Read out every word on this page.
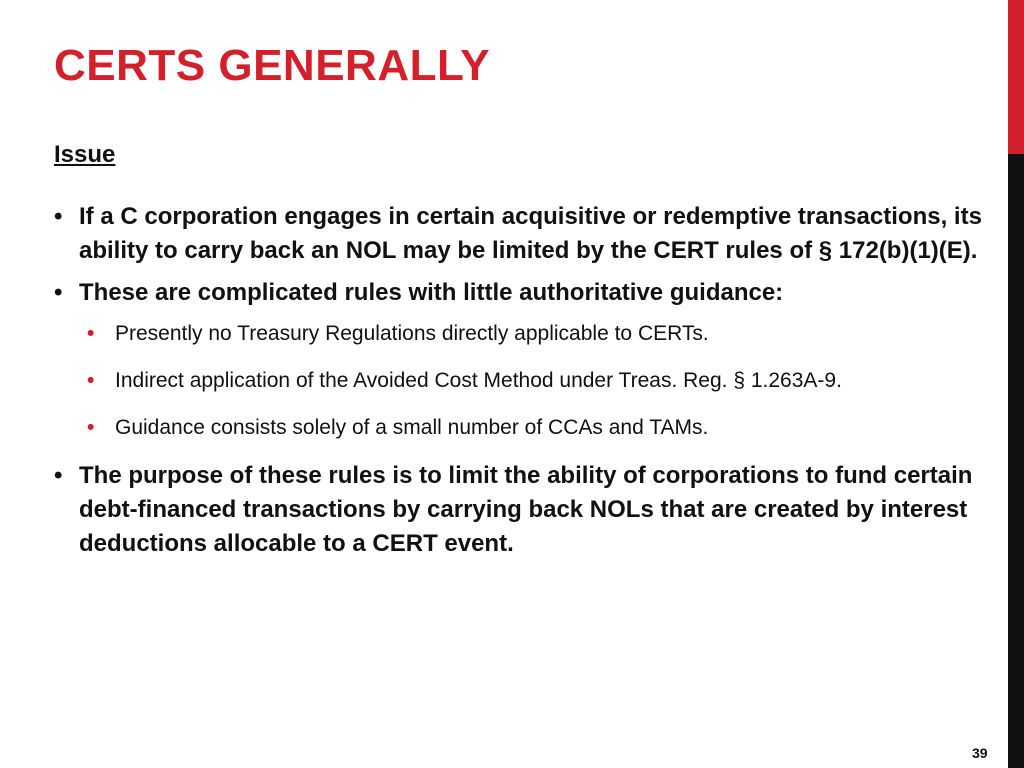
CERTS GENERALLY
Issue
• If a C corporation engages in certain acquisitive or redemptive transactions, its ability to carry back an NOL may be limited by the CERT rules of § 172(b)(1)(E).
• These are complicated rules with little authoritative guidance:
• Presently no Treasury Regulations directly applicable to CERTs.
• Indirect application of the Avoided Cost Method under Treas. Reg. § 1.263A-9.
• Guidance consists solely of a small number of CCAs and TAMs.
• The purpose of these rules is to limit the ability of corporations to fund certain debt-financed transactions by carrying back NOLs that are created by interest deductions allocable to a CERT event.
39
